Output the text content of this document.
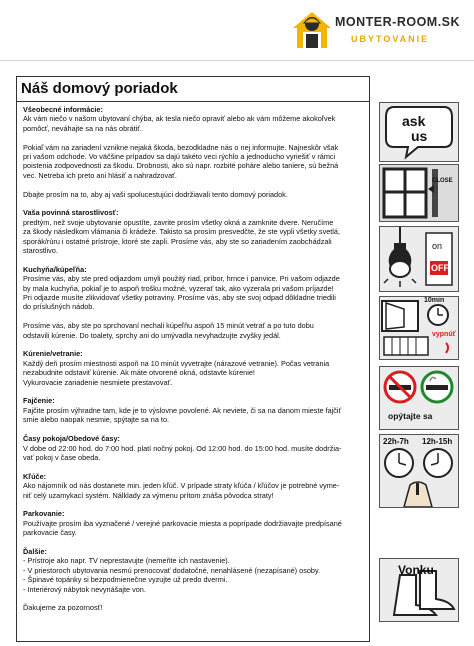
MONTER-ROOM.SK
UBYTOVANIE
Náš domový poriadok

Všeobecné informácie:

Ak vám niečo v našom ubytovaní chýba, ak tesla niečo opraviť alebo ak vám môžeme akokoľvek

pomôcť, neváhajte sa na nás obrátiť.

Pokiaľ vám na zariadení vznikne nejaká škoda, bezodkladne nás o nej informujte. Najneskôr však

pri vašom odchode. Vo väčšine prípadov sa dajú takéto veci rýchlo a jednoducho vyriešiť v rámci

poistenia zodpovednosti za škodu. Drobnosti, ako sú napr. rozbité poháre alebo taniere, sú bežná

vec. Netreba ich preto ani hlásiť a nahradzovať.

Dbajte prosím na to, aby aj vaši spolucestujúci dodržiavali tento domový poriadok.

Vaša povinná starostlivosť:

predtým, než svoje ubytovanie opustíte, zavrite prosím všetky okná a zamknite dvere. Neručíme

za škody následkom vlámania či krádeže. Takisto sa prosím presvedčte, že ste vypli všetky svetlá,

sporák/rúru i ostatné prístroje, ktoré ste zapli. Prosíme vás, aby ste so zariadením zaobchádzali

starostlivo.

Kuchyňa/kúpeľňa:

Prosíme vás, aby ste pred odjazdom umyli použitý riad, príbor, hrnce i panvice. Pri vašom odjazde

by mala kuchyňa, pokiaľ je to aspoň trošku možné, vyzerať tak, ako vyzerala pri vašom príjazde!

Pri odjazde musíte zlikvidovať všetky potraviny. Prosíme vás, aby ste svoj odpad dôkladne triedili

do príslušných nádob.

Prosíme vás, aby ste po sprchovaní nechali kúpeľňu aspoň 15 minút vetrať a po tuto dobu

odstavili kúrenie. Do toalety, sprchy ani do umývadla nevyhadzujte zvyšky jedál.

Kúrenie/vetranie:

Každý deň prosím miestnosti aspoň na 10 minút vyvetrajte (nárazové vetranie). Počas vetrania

nezabudnite odstaviť kúrenie. Ak máte otvorené okná, odstavte kúrenie!

Vykurovacie zariadenie nesmiete prestavovať.

Fajčenie:

Fajčite prosím výhradne tam, kde je to výslovne povolené. Ak neviete, či sa na danom mieste fajčiť

smie alebo naopak nesmie, spýtajte sa na to.

Časy pokoja/Obedové časy:

V dobe od 22:00 hod. do 7:00 hod. platí nočný pokoj. Od 12:00 hod. do 15:00 hod. musíte dodržia-

vať pokoj v čase obeda.

Kľúče:

Ako nájomník od nás dostanete min. jeden kľúč. V prípade straty kľúča / kľúčov je potrebné vyme-

niť celý uzamykací systém. Nálklady za výmenu prítom znáša pôvodca straty!

Parkovanie:

Používajte prosím iba vyznačené / verejné parkovacie miesta a poprípade dodržiavajte predpísané

parkovacie časy.

Ďalšie:

- Prístroje ako napr. TV neprestavujte (nemeňte ich nastavenie).

- V priestoroch ubytovania nesmú prenocovať dodatočné, nenahlásené (nezapísané) osoby.

- Špinavé topánky si bezpodmienečne vyzujte už predo dvermi.

- Interiérový nábytok nevynášajte von.

Ďakujeme za pozornosť!

ask
us
CLOSE
on
OFF
10min
vypnúť
opýtajte sa
22h-7h 12h-15h
Vonku
